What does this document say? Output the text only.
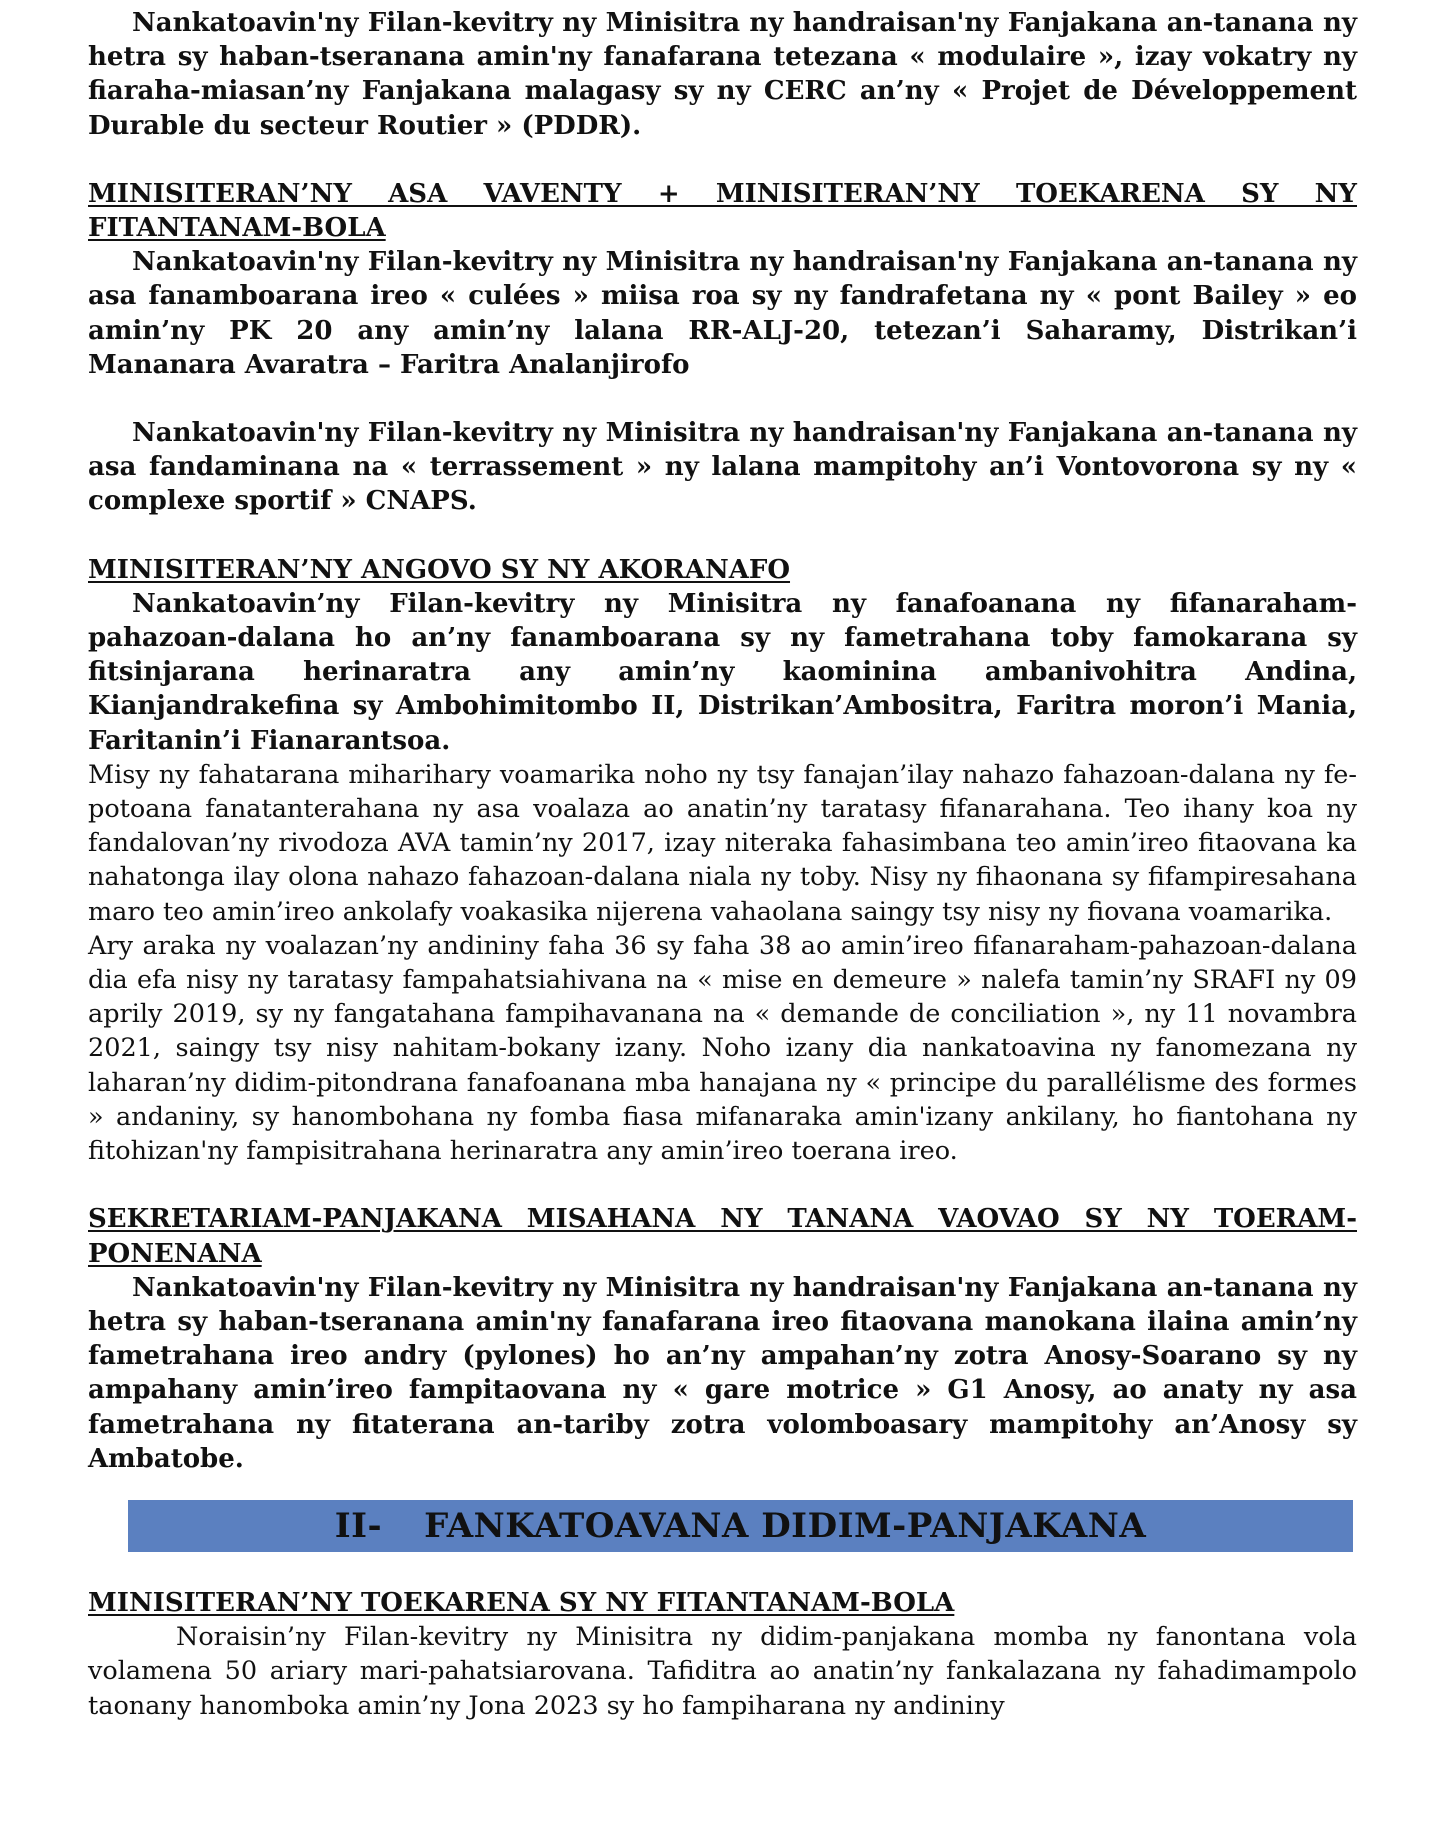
Nankatoavin'ny Filan-kevitry ny Minisitra ny handraisan'ny Fanjakana an-tanana ny hetra sy haban-tseranana amin'ny fanafarana tetezana « modulaire », izay vokatry ny fiaraha-miasan’ny Fanjakana malagasy sy ny CERC an’ny « Projet de Développement Durable du secteur Routier » (PDDR).

MINISITERAN’NY ASA VAVENTY + MINISITERAN’NY TOEKARENA SY NY FITANTANAM-BOLA

Nankatoavin'ny Filan-kevitry ny Minisitra ny handraisan'ny Fanjakana an-tanana ny asa fanamboarana ireo « culées » miisa roa sy ny fandrafetana ny « pont Bailey » eo amin’ny PK 20 any amin’ny lalana RR-ALJ-20, tetezan’i Saharamy, Distrikan’i Mananara Avaratra – Faritra Analanjirofo

Nankatoavin'ny Filan-kevitry ny Minisitra ny handraisan'ny Fanjakana an-tanana ny asa fandaminana na « terrassement » ny lalana mampitohy an’i Vontovorona sy ny « complexe sportif » CNAPS.

MINISITERAN’NY ANGOVO SY NY AKORANAFO

Nankatoavin’ny Filan-kevitry ny Minisitra ny fanafoanana ny fifanaraham-pahazoan-dalana ho an’ny fanamboarana sy ny fametrahana toby famokarana sy fitsinjarana herinaratra any amin’ny kaominina ambanivohitra Andina, Kianjandrakefina sy Ambohimitombo II, Distrikan’Ambositra, Faritra moron’i Mania, Faritanin’i Fianarantsoa.

Misy ny fahatarana miharihary voamarika noho ny tsy fanajan’ilay nahazo fahazoan-dalana ny fe-potoana fanatanterahana ny asa voalaza ao anatin’ny taratasy fifanarahana. Teo ihany koa ny fandalovan’ny rivodoza AVA tamin’ny 2017, izay niteraka fahasimbana teo amin’ireo fitaovana ka nahatonga ilay olona nahazo fahazoan-dalana niala ny toby. Nisy ny fihaonana sy fifampiresahana maro teo amin’ireo ankolafy voakasika nijerena vahaolana saingy tsy nisy ny fiovana voamarika.

Ary araka ny voalazan’ny andininy faha 36 sy faha 38 ao amin’ireo fifanaraham-pahazoan-dalana dia efa nisy ny taratasy fampahatsiahivana na « mise en demeure » nalefa tamin’ny SRAFI ny 09 aprily 2019, sy ny fangatahana fampihavanana na « demande de conciliation », ny 11 novambra 2021, saingy tsy nisy nahitam-bokany izany. Noho izany dia nankatoavina ny fanomezana ny laharan’ny didim-pitondrana fanafoanana mba hanajana ny « principe du parallélisme des formes » andaniny, sy hanombohana ny fomba fiasa mifanaraka amin'izany ankilany, ho fiantohana ny fitohizan'ny fampisitrahana herinaratra any amin’ireo toerana ireo.

SEKRETARIAM-PANJAKANA MISAHANA NY TANANA VAOVAO SY NY TOERAM-PONENANA

Nankatoavin'ny Filan-kevitry ny Minisitra ny handraisan'ny Fanjakana an-tanana ny hetra sy haban-tseranana amin'ny fanafarana ireo fitaovana manokana ilaina amin’ny fametrahana ireo andry (pylones) ho an’ny ampahan’ny zotra Anosy-Soarano sy ny ampahany amin’ireo fampitaovana ny « gare motrice » G1 Anosy, ao anaty ny asa fametrahana ny fitaterana an-tariby zotra volomboasary mampitohy an’Anosy sy Ambatobe.

II- FANKATOAVANA DIDIM-PANJAKANA

MINISITERAN’NY TOEKARENA SY NY FITANTANAM-BOLA

Noraisin’ny Filan-kevitry ny Minisitra ny didim-panjakana momba ny fanontana vola volamena 50 ariary mari-pahatsiarovana. Tafiditra ao anatin’ny fankalazana ny fahadimampolo taonany hanomboka amin’ny Jona 2023 sy ho fampiharana ny andininy
